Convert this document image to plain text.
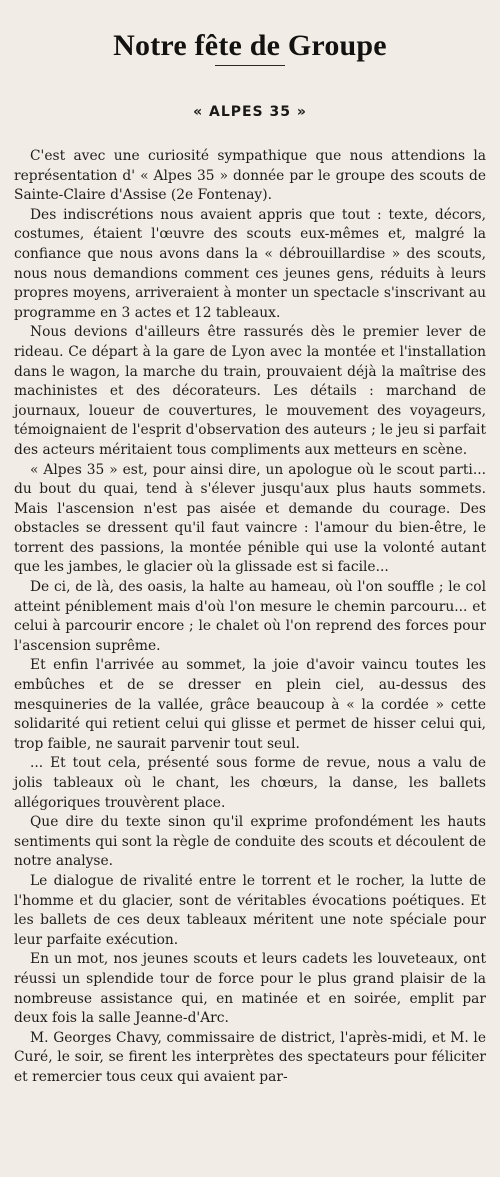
Notre fête de Groupe
« ALPES 35 »

C'est avec une curiosité sympathique que nous attendions la représentation d' « Alpes 35 » donnée par le groupe des scouts de Sainte-Claire d'Assise (2e Fontenay).

Des indiscrétions nous avaient appris que tout : texte, décors, costumes, étaient l'œuvre des scouts eux-mêmes et, malgré la confiance que nous avons dans la « débrouillardise » des scouts, nous nous demandions comment ces jeunes gens, réduits à leurs propres moyens, arriveraient à monter un spectacle s'inscrivant au programme en 3 actes et 12 tableaux.

Nous devions d'ailleurs être rassurés dès le premier lever de rideau. Ce départ à la gare de Lyon avec la montée et l'installation dans le wagon, la marche du train, prouvaient déjà la maîtrise des machinistes et des décorateurs. Les détails : marchand de journaux, loueur de couvertures, le mouvement des voyageurs, témoignaient de l'esprit d'observation des auteurs ; le jeu si parfait des acteurs méritaient tous compliments aux metteurs en scène.

« Alpes 35 » est, pour ainsi dire, un apologue où le scout parti... du bout du quai, tend à s'élever jusqu'aux plus hauts sommets. Mais l'ascension n'est pas aisée et demande du courage. Des obstacles se dressent qu'il faut vaincre : l'amour du bien-être, le torrent des passions, la montée pénible qui use la volonté autant que les jambes, le glacier où la glissade est si facile...

De ci, de là, des oasis, la halte au hameau, où l'on souffle ; le col atteint péniblement mais d'où l'on mesure le chemin parcouru... et celui à parcourir encore ; le chalet où l'on reprend des forces pour l'ascension suprême.

Et enfin l'arrivée au sommet, la joie d'avoir vaincu toutes les embûches et de se dresser en plein ciel, au-dessus des mesquineries de la vallée, grâce beaucoup à « la cordée » cette solidarité qui retient celui qui glisse et permet de hisser celui qui, trop faible, ne saurait parvenir tout seul.

... Et tout cela, présenté sous forme de revue, nous a valu de jolis tableaux où le chant, les chœurs, la danse, les ballets allégoriques trouvèrent place.

Que dire du texte sinon qu'il exprime profondément les hauts sentiments qui sont la règle de conduite des scouts et découlent de notre analyse.

Le dialogue de rivalité entre le torrent et le rocher, la lutte de l'homme et du glacier, sont de véritables évocations poétiques. Et les ballets de ces deux tableaux méritent une note spéciale pour leur parfaite exécution.

En un mot, nos jeunes scouts et leurs cadets les louveteaux, ont réussi un splendide tour de force pour le plus grand plaisir de la nombreuse assistance qui, en matinée et en soirée, emplit par deux fois la salle Jeanne-d'Arc.

M. Georges Chavy, commissaire de district, l'après-midi, et M. le Curé, le soir, se firent les interprètes des spectateurs pour féliciter et remercier tous ceux qui avaient par-
